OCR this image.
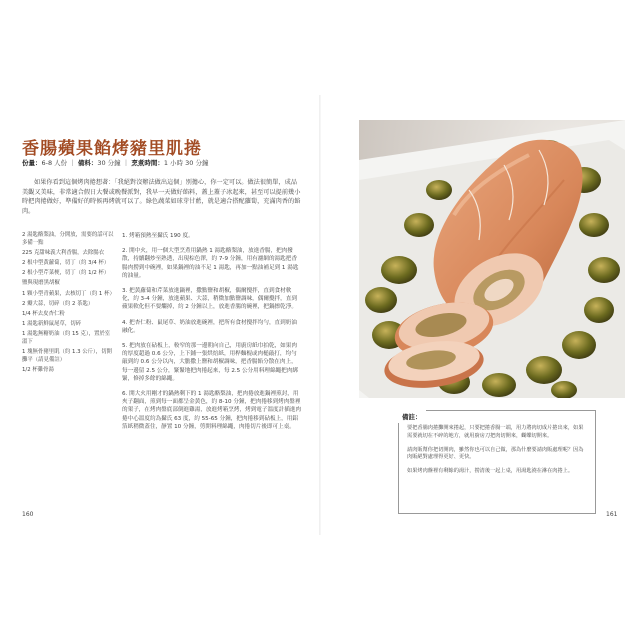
香腸蘋果餡烤豬里肌捲
份量：6-8 人份 ｜ 備料：30 分鐘 ｜ 烹煮時間：1 小時 30 分鐘
如果你看到這個烤肉捲想著：「我絕對沒辦法做出這個」別擔心，你一定可以。做法很簡單，成品美觀又美味，非常適合假日大餐或晚餐派對，我早一天做好餡料，蓋上蓋子冰起來，甚至可以提前幾小時把肉捲做好，準備好的時候再烤就可以了。綠色蔬菜如球芽甘藍，就是適合搭配蘿蔔，充滿肉香的餡肉。
2 湯匙酪梨油，分開放，需要的話可以多備一點
225 克甜味義大利香腸，去除腸衣
2 根中型黃蘿蔔，切丁（約 3/4 杯）
2 根小型芹菜梗，切丁（約 1/2 杯）
鹽與現磨黑胡椒
1 顆小型青蘋果，去核切丁（約 1 杯）
2 瓣大蒜，切碎（約 2 茶匙）
1/4 杯去皮杏仁粉
1 湯匙新鮮鼠尾草，切碎
1 湯匙無糖奶油（約 15 克），置於室溫下
1 塊無骨豬里肌（約 1.3 公斤），切開攤平（請見備註）
1/2 杯雞骨湯
1. 烤箱預熱至攝氏 190 度。
2. 開中火，用一個大型烹煮用鍋熱 1 湯匙酪梨油，放進香腸，把肉撥散，持續翻炒至熟透，出現棕色澤，約 7-9 分鐘，用有濾網的湯匙把香腸肉撈到中碗裡，如果鍋裡的油不足 1 湯匙，再加一點油補足到 1 湯匙的油量。
3. 把黃蘿蔔和芹菜放進鍋裡，撒點鹽和胡椒，偶爾攪拌，直到食材軟化，約 3-4 分鐘，放進蘋果、大蒜，稍微加點鹽調味，偶爾攪拌，直到蘋果軟化但不要爛掉，約 2 分鐘以上，放進香腸的碗裡，把鍋擦乾淨。
4. 把杏仁粉、鼠尾草、奶油放進碗裡，把所有食材攪拌均勻，直到奶油融化。
5. 把肉放在砧板上，較窄的那一邊朝向自己，用廚房紙巾拍乾，如果肉的厚度超過 0.6 公分，上下鋪一張烘焙紙，用桿麵棍或肉槌敲打，均勻敲到約 0.6 公分以內，大膽撒上鹽和胡椒調味，把香腸餡分散在肉上，每一邊留 2.5 公分，緊緊地把肉捲起來，每 2.5 公分用料理綿繩把肉綁緊，修掉多餘的綿繩。
6. 開大火用剛才的鍋熱剩下的 1 湯匙酪梨油，把肉捲放進鍋裡煎封，用夾子翻面，煎到每一面都呈金黃色，約 8-10 分鐘，把肉捲移到烤肉盤裡的架子，在烤肉盤底部倒進雞湯，放進烤箱烹烤，烤到電子溫度計插進肉捲中心溫度約為攝氏 63 度，約 55-65 分鐘，把肉捲移到砧板上，用鋁箔紙稍微蓋住，靜置 10 分鐘，剪開料理綿繩，肉捲切片後即可上桌。
160
備註：

要把香腸肉捲攤開來捲起，只要把捲香腸一端，用力將肉切成片捲出來，如果需要就切在不碎的地方，就用廚房刀把肉切開來，蝴蝶切開來。

請肉販幫你把切開肉，雖然你也可以自己做，那為什麼要請肉販處理呢？因為肉販絕對處理得更好、更快。

如果烤肉盤裡有剩餘的湯汁，撈清後一起上桌，用湯匙澆在淋在肉捲上。

161
